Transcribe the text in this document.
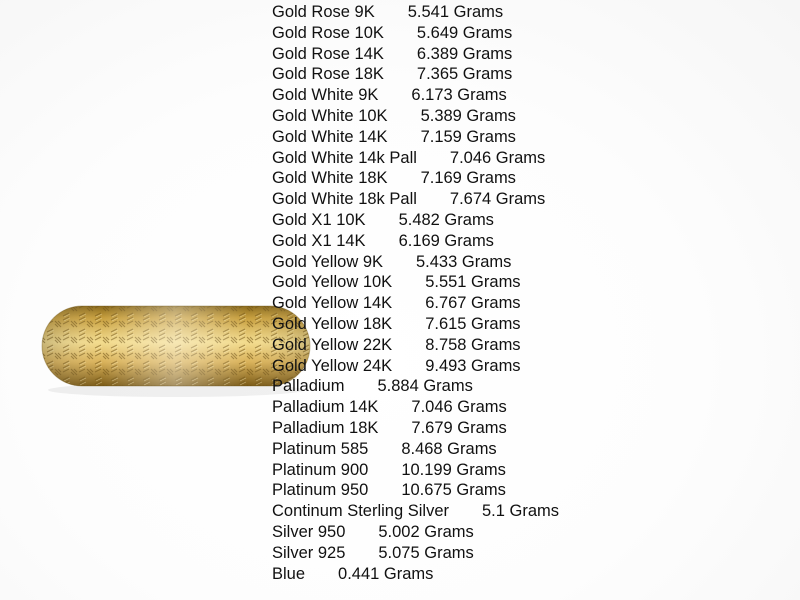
Gold Rose 9K 5.541 Grams
Gold Rose 10K 5.649 Grams
Gold Rose 14K 6.389 Grams
Gold Rose 18K 7.365 Grams
Gold White 9K 6.173 Grams
Gold White 10K 5.389 Grams
Gold White 14K 7.159 Grams
Gold White 14k Pall 7.046 Grams
Gold White 18K 7.169 Grams
Gold White 18k Pall 7.674 Grams
Gold X1 10K 5.482 Grams
Gold X1 14K 6.169 Grams
Gold Yellow 9K 5.433 Grams
Gold Yellow 10K 5.551 Grams
Gold Yellow 14K 6.767 Grams
Gold Yellow 18K 7.615 Grams
Gold Yellow 22K 8.758 Grams
Gold Yellow 24K 9.493 Grams
Palladium 5.884 Grams
Palladium 14K 7.046 Grams
Palladium 18K 7.679 Grams
Platinum 585 8.468 Grams
Platinum 900 10.199 Grams
Platinum 950 10.675 Grams
Continum Sterling Silver 5.1 Grams
Silver 950 5.002 Grams
Silver 925 5.075 Grams
Blue 0.441 Grams
